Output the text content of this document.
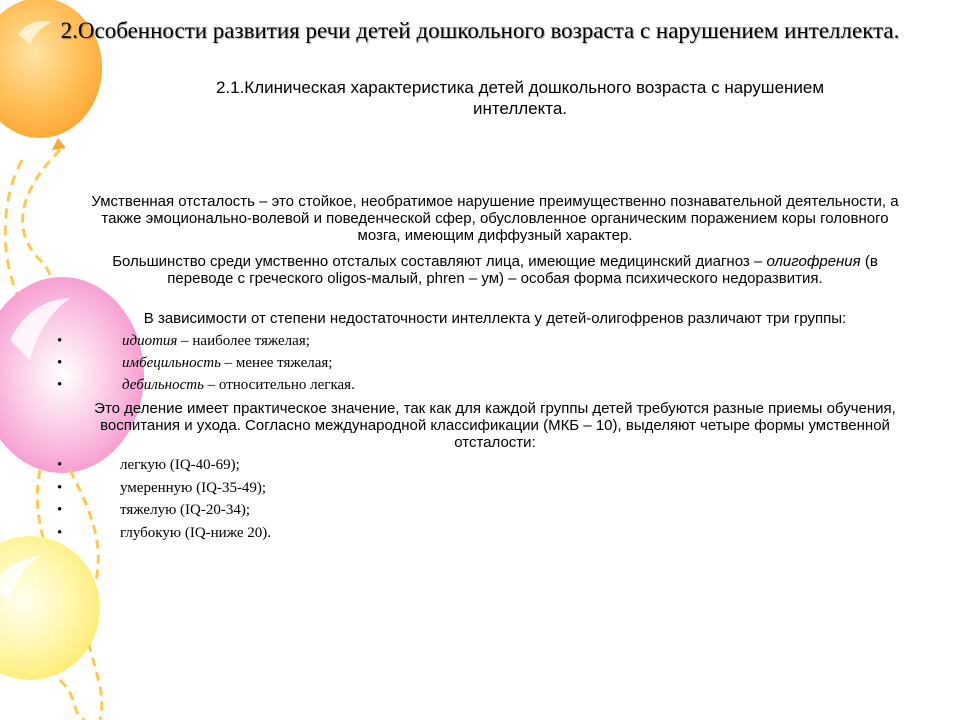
2.Особенности развития речи детей дошкольного возраста с нарушением интеллекта.
2.1.Клиническая характеристика детей дошкольного возраста с нарушением интеллекта.
Умственная отсталость – это стойкое, необратимое нарушение преимущественно познавательной деятельности, а также эмоционально-волевой и поведенческой сфер, обусловленное органическим поражением коры головного мозга, имеющим диффузный характер.
Большинство среди умственно отсталых составляют лица, имеющие медицинский диагноз – олигофрения (в переводе с греческого oligos-малый, phren – ум) – особая форма психического недоразвития.
В зависимости от степени недостаточности интеллекта у детей-олигофренов различают три группы:
•	идиотия – наиболее тяжелая;
•	имбецильность – менее тяжелая;
•	дебильность – относительно легкая.
Это деление имеет практическое значение, так как для каждой группы детей требуются разные приемы обучения, воспитания и ухода. Согласно международной классификации (МКБ – 10), выделяют четыре формы умственной отсталости:
•	легкую (IQ-40-69);
•	умеренную (IQ-35-49);
•	тяжелую (IQ-20-34);
•	глубокую (IQ-ниже 20).
